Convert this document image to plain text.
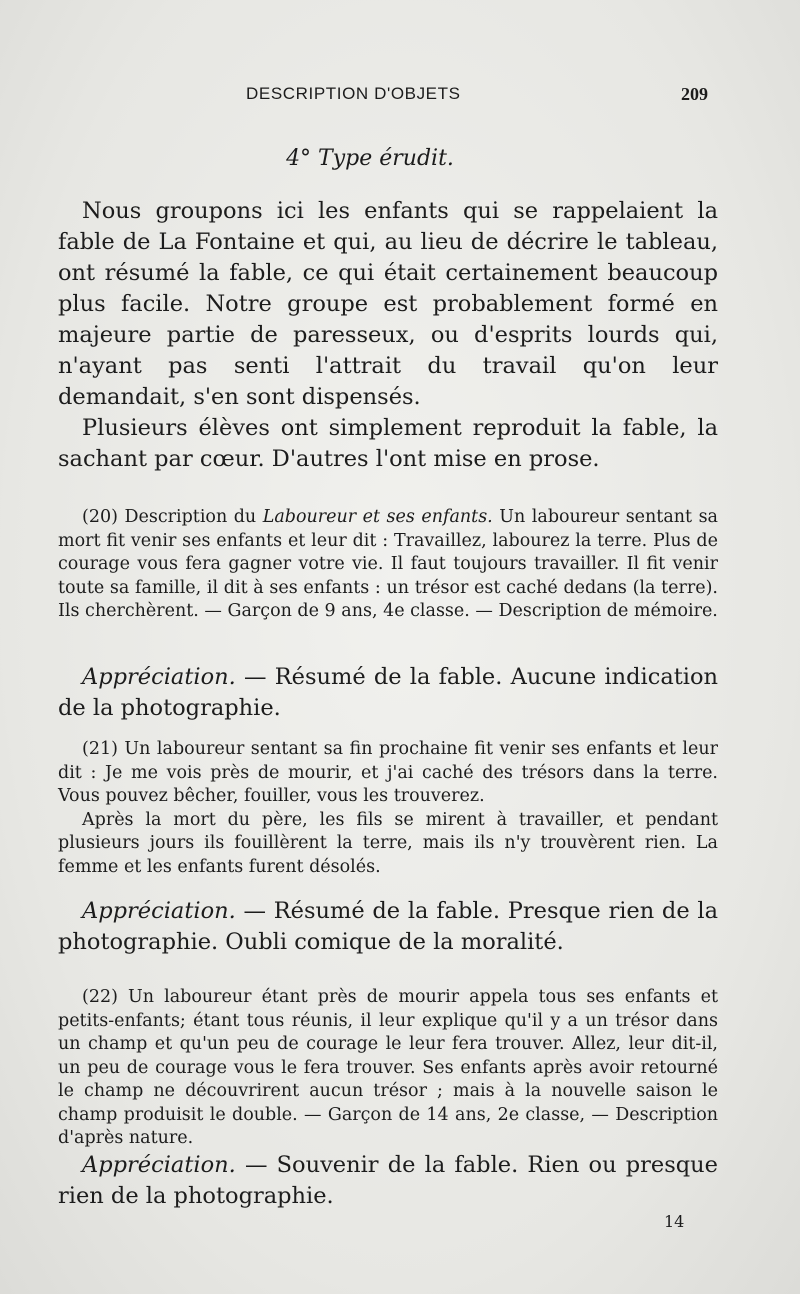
DESCRIPTION D'OBJETS	209
4° Type érudit.

Nous groupons ici les enfants qui se rappelaient la fable de La Fontaine et qui, au lieu de décrire le tableau, ont résumé la fable, ce qui était certainement beaucoup plus facile. Notre groupe est probablement formé en majeure partie de paresseux, ou d'esprits lourds qui, n'ayant pas senti l'attrait du travail qu'on leur demandait, s'en sont dispensés.

Plusieurs élèves ont simplement reproduit la fable, la sachant par cœur. D'autres l'ont mise en prose.

(20) Description du Laboureur et ses enfants. Un laboureur sentant sa mort fit venir ses enfants et leur dit : Travaillez, labourez la terre. Plus de courage vous fera gagner votre vie. Il faut toujours travailler. Il fit venir toute sa famille, il dit à ses enfants : un trésor est caché dedans (la terre). Ils cherchèrent. — Garçon de 9 ans, 4e classe. — Description de mémoire.

Appréciation. — Résumé de la fable. Aucune indication de la photographie.

(21) Un laboureur sentant sa fin prochaine fit venir ses enfants et leur dit : Je me vois près de mourir, et j'ai caché des trésors dans la terre. Vous pouvez bêcher, fouiller, vous les trouverez.

Après la mort du père, les fils se mirent à travailler, et pendant plusieurs jours ils fouillèrent la terre, mais ils n'y trouvèrent rien. La femme et les enfants furent désolés.

Appréciation. — Résumé de la fable. Presque rien de la photographie. Oubli comique de la moralité.

(22) Un laboureur étant près de mourir appela tous ses enfants et petits-enfants; étant tous réunis, il leur explique qu'il y a un trésor dans un champ et qu'un peu de courage le leur fera trouver. Allez, leur dit-il, un peu de courage vous le fera trouver. Ses enfants après avoir retourné le champ ne découvrirent aucun trésor ; mais à la nouvelle saison le champ produisit le double. — Garçon de 14 ans, 2e classe, — Description d'après nature.

Appréciation. — Souvenir de la fable. Rien ou presque rien de la photographie.

14
